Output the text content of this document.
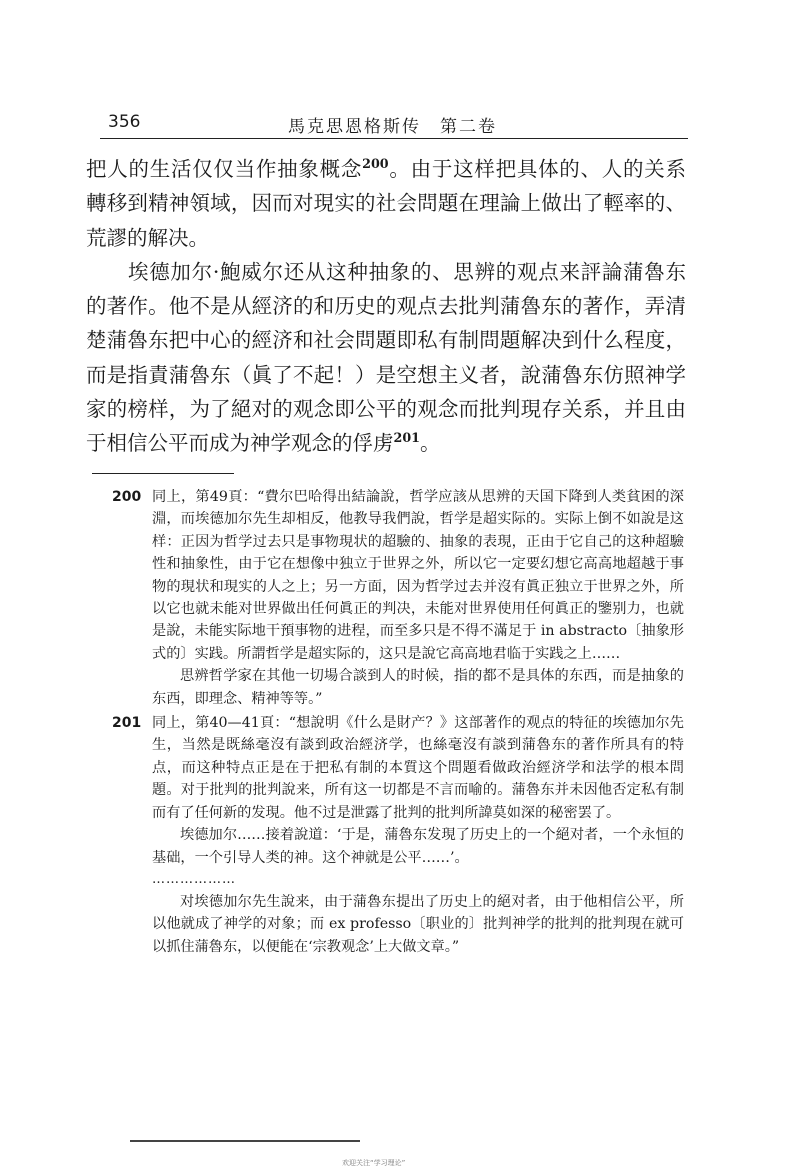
356	馬克思恩格斯传　第二卷

把人的生活仅仅当作抽象概念$^{200}$。由于这样把具体的、人的关系轉移到精神領域，因而对現实的社会問題在理論上做出了輕率的、荒謬的解决。

埃德加尔·鮑威尔还从这种抽象的、思辨的观点来評論蒲魯东的著作。他不是从經济的和历史的观点去批判蒲魯东的著作，弄清楚蒲魯东把中心的經济和社会問題即私有制問題解决到什么程度，而是指責蒲魯东（眞了不起！）是空想主义者，說蒲魯东仿照神学家的榜样，为了絕对的观念即公平的观念而批判現存关系，并且由于相信公平而成为神学观念的俘虏$^{201}$。

200 同上，第49頁：“費尔巴哈得出結論說，哲学应該从思辨的天国下降到人类貧困的深淵，而埃德加尔先生却相反，他教导我們說，哲学是超实际的。实际上倒不如說是这样：正因为哲学过去只是事物現状的超驗的、抽象的表現，正由于它自己的这种超驗性和抽象性，由于它在想像中独立于世界之外，所以它一定要幻想它高高地超越于事物的現状和現实的人之上；另一方面，因为哲学过去并沒有眞正独立于世界之外，所以它也就未能对世界做出任何眞正的判决，未能对世界使用任何眞正的鑒别力，也就是說，未能实际地干預事物的进程，而至多只是不得不滿足于 in abstracto〔抽象形式的〕实践。所謂哲学是超实际的，这只是說它高高地君临于实践之上……

思辨哲学家在其他一切場合談到人的时候，指的都不是具体的东西，而是抽象的东西，即理念、精神等等。”

201 同上，第40—41頁：“想說明《什么是財产？》这部著作的观点的特征的埃德加尔先生，当然是既絲毫沒有談到政治經济学，也絲毫沒有談到蒲魯东的著作所具有的特点，而这种特点正是在于把私有制的本質这个問題看做政治經济学和法学的根本問題。对于批判的批判說来，所有这一切都是不言而喻的。蒲魯东并未因他否定私有制而有了任何新的发現。他不过是泄露了批判的批判所諱莫如深的秘密罢了。

埃德加尔……接着說道：‘于是，蒲魯东发現了历史上的一个絕对者，一个永恒的基础，一个引导人类的神。这个神就是公平……’。

………………

对埃德加尔先生說来，由于蒲魯东提出了历史上的絕对者，由于他相信公平，所以他就成了神学的对象；而 ex professo〔职业的〕批判神学的批判的批判現在就可以抓住蒲魯东，以便能在‘宗教观念’上大做文章。”

欢迎关注“学习理论”
